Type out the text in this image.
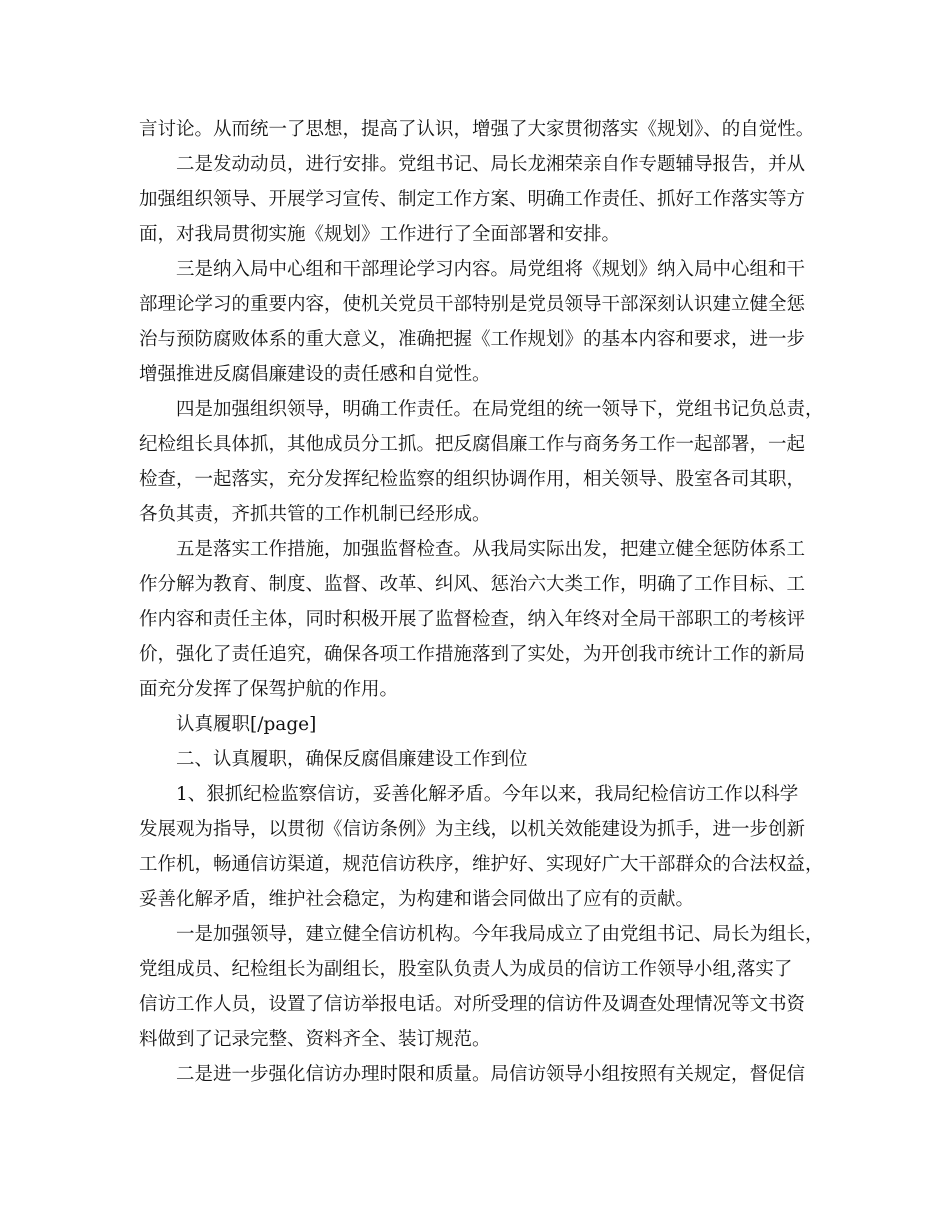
言讨论。从而统一了思想，提高了认识，增强了大家贯彻落实《规划》、的自觉性。
二是发动动员，进行安排。党组书记、局长龙湘荣亲自作专题辅导报告，并从
加强组织领导、开展学习宣传、制定工作方案、明确工作责任、抓好工作落实等方
面，对我局贯彻实施《规划》工作进行了全面部署和安排。
三是纳入局中心组和干部理论学习内容。局党组将《规划》纳入局中心组和干
部理论学习的重要内容，使机关党员干部特别是党员领导干部深刻认识建立健全惩
治与预防腐败体系的重大意义，准确把握《工作规划》的基本内容和要求，进一步
增强推进反腐倡廉建设的责任感和自觉性。
四是加强组织领导，明确工作责任。在局党组的统一领导下，党组书记负总责，
纪检组长具体抓，其他成员分工抓。把反腐倡廉工作与商务务工作一起部署，一起
检查，一起落实，充分发挥纪检监察的组织协调作用，相关领导、股室各司其职，
各负其责，齐抓共管的工作机制已经形成。
五是落实工作措施，加强监督检查。从我局实际出发，把建立健全惩防体系工
作分解为教育、制度、监督、改革、纠风、惩治六大类工作，明确了工作目标、工
作内容和责任主体，同时积极开展了监督检查，纳入年终对全局干部职工的考核评
价，强化了责任追究，确保各项工作措施落到了实处，为开创我市统计工作的新局
面充分发挥了保驾护航的作用。
认真履职[/page]
二、认真履职，确保反腐倡廉建设工作到位
1、狠抓纪检监察信访，妥善化解矛盾。今年以来，我局纪检信访工作以科学
发展观为指导，以贯彻《信访条例》为主线，以机关效能建设为抓手，进一步创新
工作机，畅通信访渠道，规范信访秩序，维护好、实现好广大干部群众的合法权益，
妥善化解矛盾，维护社会稳定，为构建和谐会同做出了应有的贡献。
一是加强领导，建立健全信访机构。今年我局成立了由党组书记、局长为组长，
党组成员、纪检组长为副组长，股室队负责人为成员的信访工作领导小组,落实了
信访工作人员，设置了信访举报电话。对所受理的信访件及调查处理情况等文书资
料做到了记录完整、资料齐全、装订规范。
二是进一步强化信访办理时限和质量。局信访领导小组按照有关规定，督促信
